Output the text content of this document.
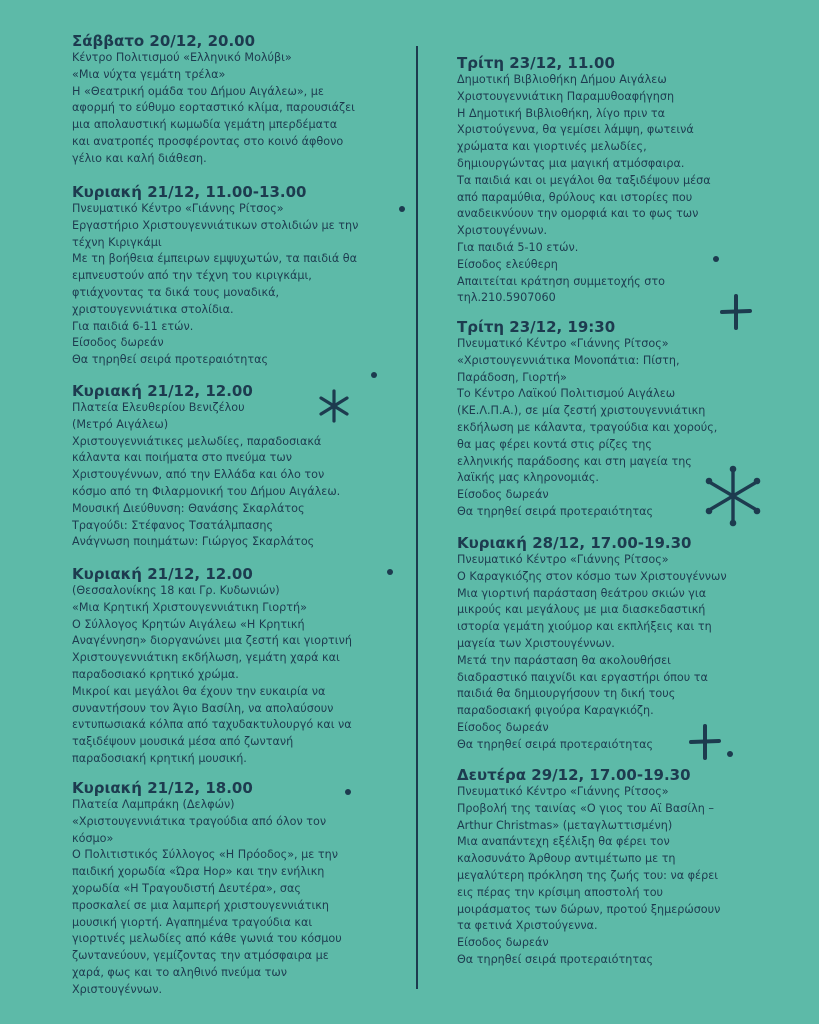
Σάββατο 20/12, 20.00
Κέντρο Πολιτισμού «Ελληνικό Μολύβι»
«Μια νύχτα γεμάτη τρέλα»
Η «Θεατρική ομάδα του Δήμου Αιγάλεω», με
αφορμή το εύθυμο εορταστικό κλίμα, παρουσιάζει
μια απολαυστική κωμωδία γεμάτη μπερδέματα
και ανατροπές προσφέροντας στο κοινό άφθονο
γέλιο και καλή διάθεση.
Κυριακή 21/12, 11.00-13.00
Πνευματικό Κέντρο «Γιάννης Ρίτσος»
Εργαστήριο Χριστουγεννιάτικων στολιδιών με την
τέχνη Κιριγκάμι
Με τη βοήθεια έμπειρων εμψυχωτών, τα παιδιά θα
εμπνευστούν από την τέχνη του κιριγκάμι,
φτιάχνοντας τα δικά τους μοναδικά,
χριστουγεννιάτικα στολίδια.
Για παιδιά 6-11 ετών.
Είσοδος δωρεάν
Θα τηρηθεί σειρά προτεραιότητας
Κυριακή 21/12, 12.00
Πλατεία Ελευθερίου Βενιζέλου
(Μετρό Αιγάλεω)
Χριστουγεννιάτικες μελωδίες, παραδοσιακά
κάλαντα και ποιήματα στο πνεύμα των
Χριστουγέννων, από την Ελλάδα και όλο τον
κόσμο από τη Φιλαρμονική του Δήμου Αιγάλεω.
Μουσική Διεύθυνση: Θανάσης Σκαρλάτος
Τραγούδι: Στέφανος Τσατάλμπασης
Ανάγνωση ποιημάτων: Γιώργος Σκαρλάτος
Κυριακή 21/12, 12.00
(Θεσσαλονίκης 18 και Γρ. Κυδωνιών)
«Μια Κρητική Χριστουγεννιάτικη Γιορτή»
Ο Σύλλογος Κρητών Αιγάλεω «Η Κρητική
Αναγέννηση» διοργανώνει μια ζεστή και γιορτινή
Χριστουγεννιάτικη εκδήλωση, γεμάτη χαρά και
παραδοσιακό κρητικό χρώμα.
Μικροί και μεγάλοι θα έχουν την ευκαιρία να
συναντήσουν τον Άγιο Βασίλη, να απολαύσουν
εντυπωσιακά κόλπα από ταχυδακτυλουργό και να
ταξιδέψουν μουσικά μέσα από ζωντανή
παραδοσιακή κρητική μουσική.
Κυριακή 21/12, 18.00
Πλατεία Λαμπράκη (Δελφών)
«Χριστουγεννιάτικα τραγούδια από όλον τον
κόσμο»
Ο Πολιτιστικός Σύλλογος «Η Πρόοδος», με την
παιδική χορωδία «Ώρα Ηορ» και την ενήλικη
χορωδία «Η Τραγουδιστή Δευτέρα», σας
προσκαλεί σε μια λαμπερή χριστουγεννιάτικη
μουσική γιορτή. Αγαπημένα τραγούδια και
γιορτινές μελωδίες από κάθε γωνιά του κόσμου
ζωντανεύουν, γεμίζοντας την ατμόσφαιρα με
χαρά, φως και το αληθινό πνεύμα των
Χριστουγέννων.
Τρίτη 23/12, 11.00
Δημοτική Βιβλιοθήκη Δήμου Αιγάλεω
Χριστουγεννιάτικη Παραμυθοαφήγηση
Η Δημοτική Βιβλιοθήκη, λίγο πριν τα
Χριστούγεννα, θα γεμίσει λάμψη, φωτεινά
χρώματα και γιορτινές μελωδίες,
δημιουργώντας μια μαγική ατμόσφαιρα.
Τα παιδιά και οι μεγάλοι θα ταξιδέψουν μέσα
από παραμύθια, θρύλους και ιστορίες που
αναδεικνύουν την ομορφιά και το φως των
Χριστουγέννων.
Για παιδιά 5-10 ετών.
Είσοδος ελεύθερη
Απαιτείται κράτηση συμμετοχής στο
τηλ.210.5907060
Τρίτη 23/12, 19:30
Πνευματικό Κέντρο «Γιάννης Ρίτσος»
«Χριστουγεννιάτικα Μονοπάτια: Πίστη,
Παράδοση, Γιορτή»
Το Κέντρο Λαϊκού Πολιτισμού Αιγάλεω
(ΚΕ.Λ.Π.Α.), σε μία ζεστή χριστουγεννιάτικη
εκδήλωση με κάλαντα, τραγούδια και χορούς,
θα μας φέρει κοντά στις ρίζες της
ελληνικής παράδοσης και στη μαγεία της
λαϊκής μας κληρονομιάς.
Είσοδος δωρεάν
Θα τηρηθεί σειρά προτεραιότητας
Κυριακή 28/12, 17.00-19.30
Πνευματικό Κέντρο «Γιάννης Ρίτσος»
Ο Καραγκιόζης στον κόσμο των Χριστουγέννων
Μια γιορτινή παράσταση θεάτρου σκιών για
μικρούς και μεγάλους με μια διασκεδαστική
ιστορία γεμάτη χιούμορ και εκπλήξεις και τη
μαγεία των Χριστουγέννων.
Μετά την παράσταση θα ακολουθήσει
διαδραστικό παιχνίδι και εργαστήρι όπου τα
παιδιά θα δημιουργήσουν τη δική τους
παραδοσιακή φιγούρα Καραγκιόζη.
Είσοδος δωρεάν
Θα τηρηθεί σειρά προτεραιότητας
Δευτέρα 29/12, 17.00-19.30
Πνευματικό Κέντρο «Γιάννης Ρίτσος»
Προβολή της ταινίας «Ο γιος του Αϊ Βασίλη –
Arthur Christmas» (μεταγλωττισμένη)
Μια αναπάντεχη εξέλιξη θα φέρει τον
καλοσυνάτο Άρθουρ αντιμέτωπο με τη
μεγαλύτερη πρόκληση της ζωής του: να φέρει
εις πέρας την κρίσιμη αποστολή του
μοιράσματος των δώρων, προτού ξημερώσουν
τα φετινά Χριστούγεννα.
Είσοδος δωρεάν
Θα τηρηθεί σειρά προτεραιότητας
